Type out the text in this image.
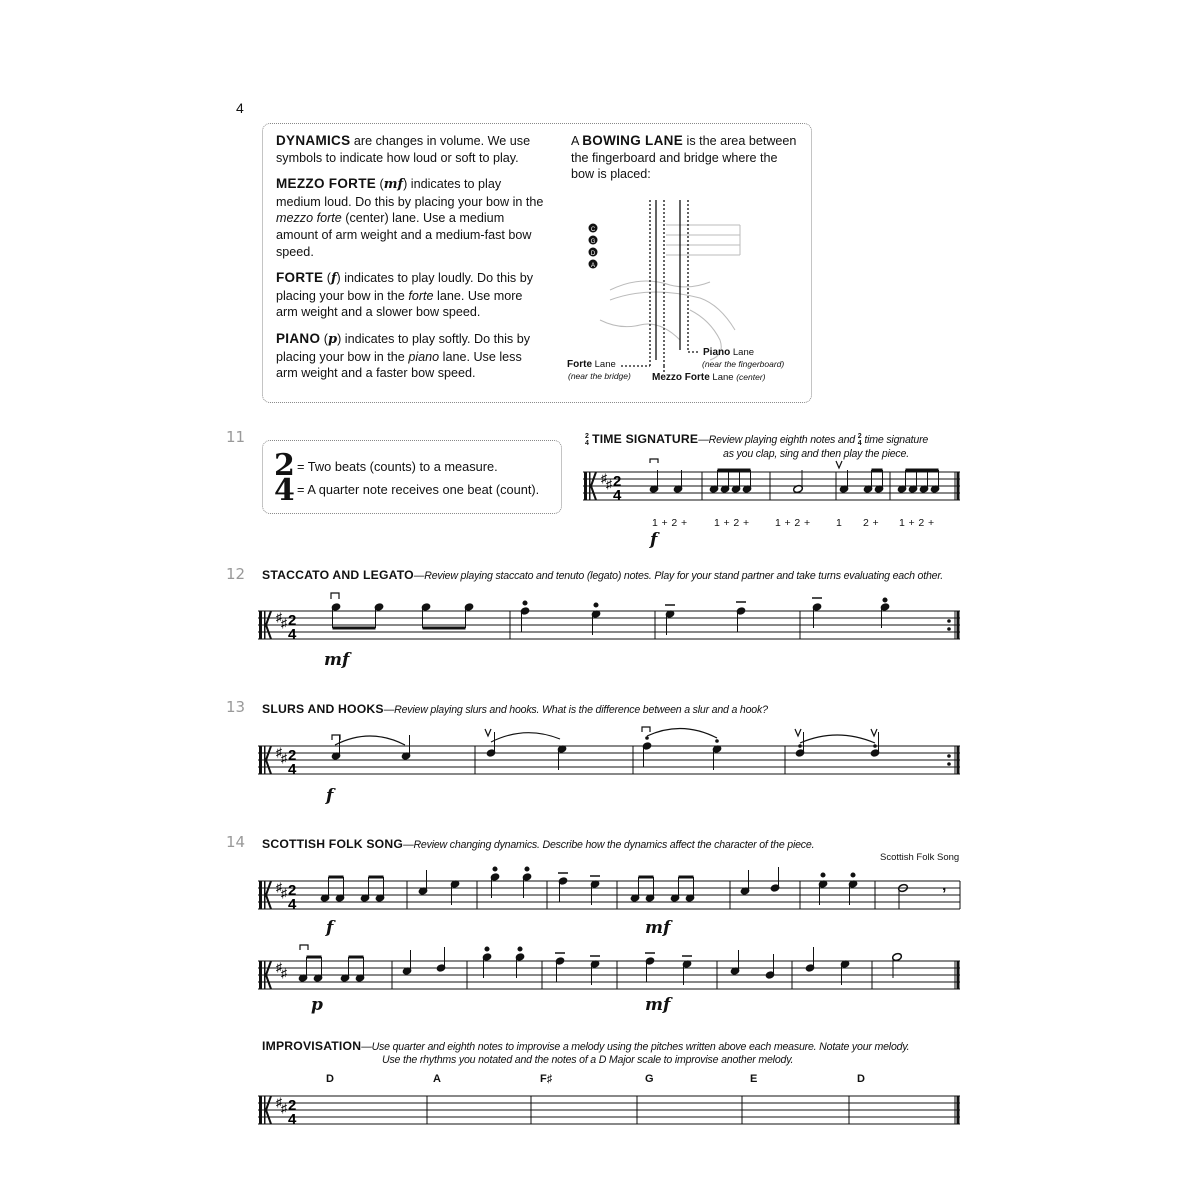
4

DYNAMICS are changes in volume. We use symbols to indicate how loud or soft to play.

MEZZO FORTE (mf) indicates to play medium loud. Do this by placing your bow in the mezzo forte (center) lane. Use a medium amount of arm weight and a medium-fast bow speed.

FORTE (f) indicates to play loudly. Do this by placing your bow in the forte lane. Use more arm weight and a slower bow speed.

PIANO (p) indicates to play softly. Do this by placing your bow in the piano lane. Use less arm weight and a faster bow speed.

A BOWING LANE is the area between the fingerboard and bridge where the bow is placed:
C
G
D
A
Forte Lane
(near the bridge)
Piano Lane
(near the fingerboard)
Mezzo Forte Lane (center)
11
2
4
= Two beats (counts) to a measure.
= A quarter note receives one beat (count).
2
4 TIME SIGNATURE—Review playing eighth notes and 2
4 time signature
as you clap, sing and then play the piece.
♯ ♯ 2
4
1 + 2 +	1 + 2 + 1 + 2 + 1 2 + 1 + 2 +
f
12 STACCATO AND LEGATO—Review playing staccato and tenuto (legato) notes. Play for your stand partner and take turns evaluating each other.
♯ ♯ 2
4
mf
13 SLURS AND HOOKS—Review playing slurs and hooks. What is the difference between a slur and a hook?
♯ ♯ 2
4
f
14 SCOTTISH FOLK SONG—Review changing dynamics. Describe how the dynamics affect the character of the piece.
Scottish Folk Song
♯ ♯ 2
4
,
f	mf
♯ ♯
p	mf
IMPROVISATION—Use quarter and eighth notes to improvise a melody using the pitches written above each measure. Notate your melody.
Use the rhythms you notated and the notes of a D Major scale to improvise another melody.
D	A	F♯	G	E	D
♯ ♯ 2
4
